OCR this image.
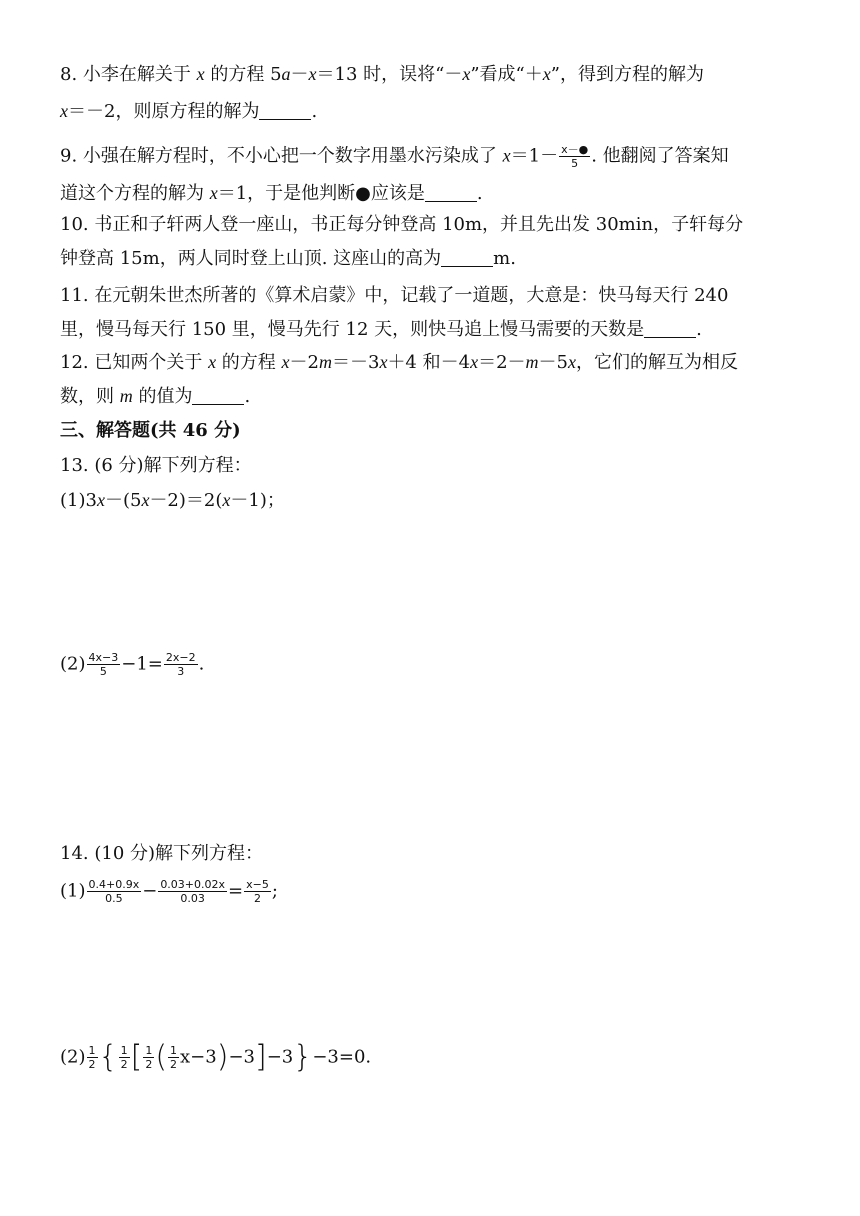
8. 小李在解关于 x 的方程 5a－x＝13 时，误将“－x”看成“＋x”，得到方程的解为
x＝－2，则原方程的解为	.
9. 小强在解方程时，不小心把一个数字用墨水污染成了 $x=1- \frac{x-●}{5}$ . 他翻阅了答案知
道这个方程的解为 x＝1，于是他判断●应该是	.
10. 书正和子轩两人登一座山，书正每分钟登高 10m，并且先出发 30min，子轩每分
钟登高 15m，两人同时登上山顶. 这座山的高为	m.
11. 在元朝朱世杰所著的《算术启蒙》中，记载了一道题，大意是：快马每天行 240
里，慢马每天行 150 里，慢马先行 12 天，则快马追上慢马需要的天数是	.
12. 已知两个关于 x 的方程 x－2m＝－3x＋4 和－4x＝2－m－5x，它们的解互为相反
数，则 m 的值为	.
三、解答题(共 46 分)
13. (6 分)解下列方程：
(1)3x－(5x－2)＝2(x－1)；
$(2) \frac{4x-3}{5} -1= \frac{2x-2}{3}$ .
14. (10 分)解下列方程：
$(1) \frac{0.4+0.9x}{0.5} - \frac{0.03+0.02x}{0.03} = \frac{x-5}{2}$ ;
$(2) \frac{1}{2}$ { $\frac{1}{2}$ [ $\frac{1}{2}$ ( $\frac{1}{2} x-3)-3]-3\}-3=0$.
